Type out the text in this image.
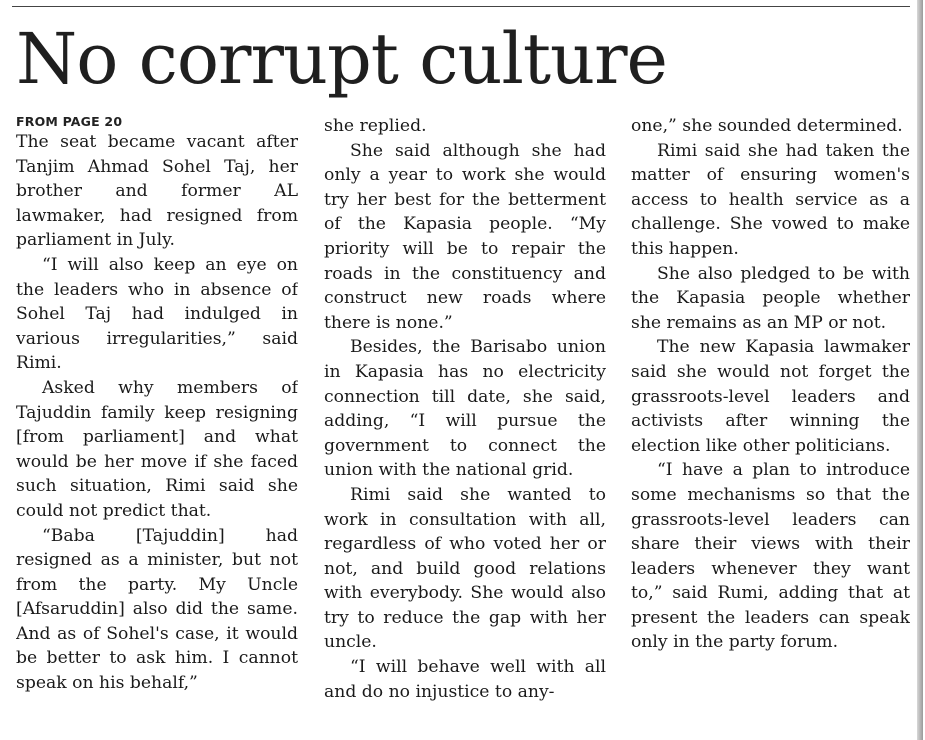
No corrupt culture
FROM PAGE 20

The seat became vacant after Tanjim Ahmad Sohel Taj, her brother and former AL lawmaker, had resigned from parliament in July.

“I will also keep an eye on the leaders who in absence of Sohel Taj had indulged in various irregularities,” said Rimi.

Asked why members of Tajuddin family keep resigning [from parliament] and what would be her move if she faced such situation, Rimi said she could not predict that.

“Baba [Tajuddin] had resigned as a minister, but not from the party. My Uncle [Afsaruddin] also did the same. And as of Sohel's case, it would be better to ask him. I cannot speak on his behalf,”

she replied.

She said although she had only a year to work she would try her best for the betterment of the Kapasia people. “My priority will be to repair the roads in the constituency and construct new roads where there is none.”

Besides, the Barisabo union in Kapasia has no electricity connection till date, she said, adding, “I will pursue the government to connect the union with the national grid.

Rimi said she wanted to work in consultation with all, regardless of who voted her or not, and build good relations with everybody. She would also try to reduce the gap with her uncle.

“I will behave well with all and do no injustice to any-

one,” she sounded determined.

Rimi said she had taken the matter of ensuring women's access to health service as a challenge. She vowed to make this happen.

She also pledged to be with the Kapasia people whether she remains as an MP or not.

The new Kapasia lawmaker said she would not forget the grassroots-level leaders and activists after winning the election like other politicians.

“I have a plan to introduce some mechanisms so that the grassroots-level leaders can share their views with their leaders whenever they want to,” said Rumi, adding that at present the leaders can speak only in the party forum.
